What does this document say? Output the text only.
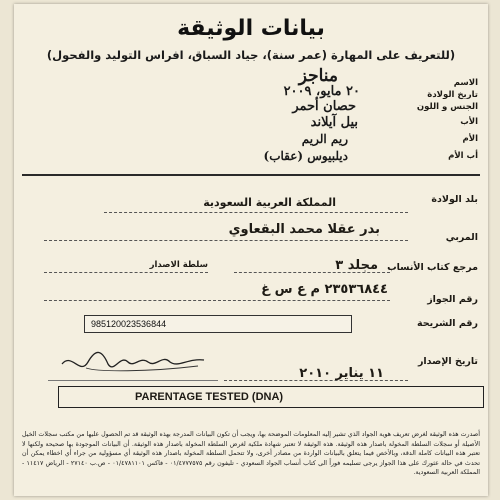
بيانات الوثيقة
(للتعريف على المهارة (عمر سنة)، جياد السباق، افراس التوليد والفحول)
الاسم
مناجز
تاريخ الولادة
٢٠ مايو، ٢٠٠٩
الجنس و اللون
حصان أحمر
الأب
بيل آيلاند
الأم
ريم الريم
أب الأم
ديلبيوس (عقاب)
بلد الولادة
المملكة العربية السعودية
المربي
بدر عقلا محمد البقعاوي
مرجع كتاب الأنساب
مجلد ٣
سلطة الاصدار
رقم الجواز
٢٣٥٣٦٨٤٤ م ع س غ
رقم الشريحة
985120023536844
تاريخ الإصدار
١١ يناير ٢٠١٠
PARENTAGE TESTED (DNA)
أصدرت هذه الوثيقة لغرض تعريف هوية الجواد الذي تشير إليه المعلومات الموضحة بها، ويجب أن تكون البيانات المدرجة بهذه الوثيقة قد تم الحصول عليها من مكتب سجلات الخيل الأصيلة أو سجلات السلطة المخولة باصدار هذه الوثيقة. هذه الوثيقة لا تعتبر شهادة ملكية لغرض السلطة المخولة باصدار هذه الوثيقة. أن البيانات الموجودة بها صحيحة ولكنها لا تعتبر هذه البيانات كاملة الدقة، وبالأخص فيما يتعلق بالبيانات الواردة من مصادر أخرى، ولا تتحمل السلطة المخولة باصدار هذه الوثيقة أي مسؤولية من جراء أي اخطاء يمكن أن تحدث في حالة عثورك على هذا الجواز يرجى تسليمه فوراً الى كتاب أنساب الجواد السعودي - تليفون رقم ٠١/٤٧٧٧٥٧٥ - فاكس ٠١/٤٧٨١١٠١ - ص.ب ٢٧١٤٠ - الرياض ١١٤١٧ - المملكة العربية السعودية.
